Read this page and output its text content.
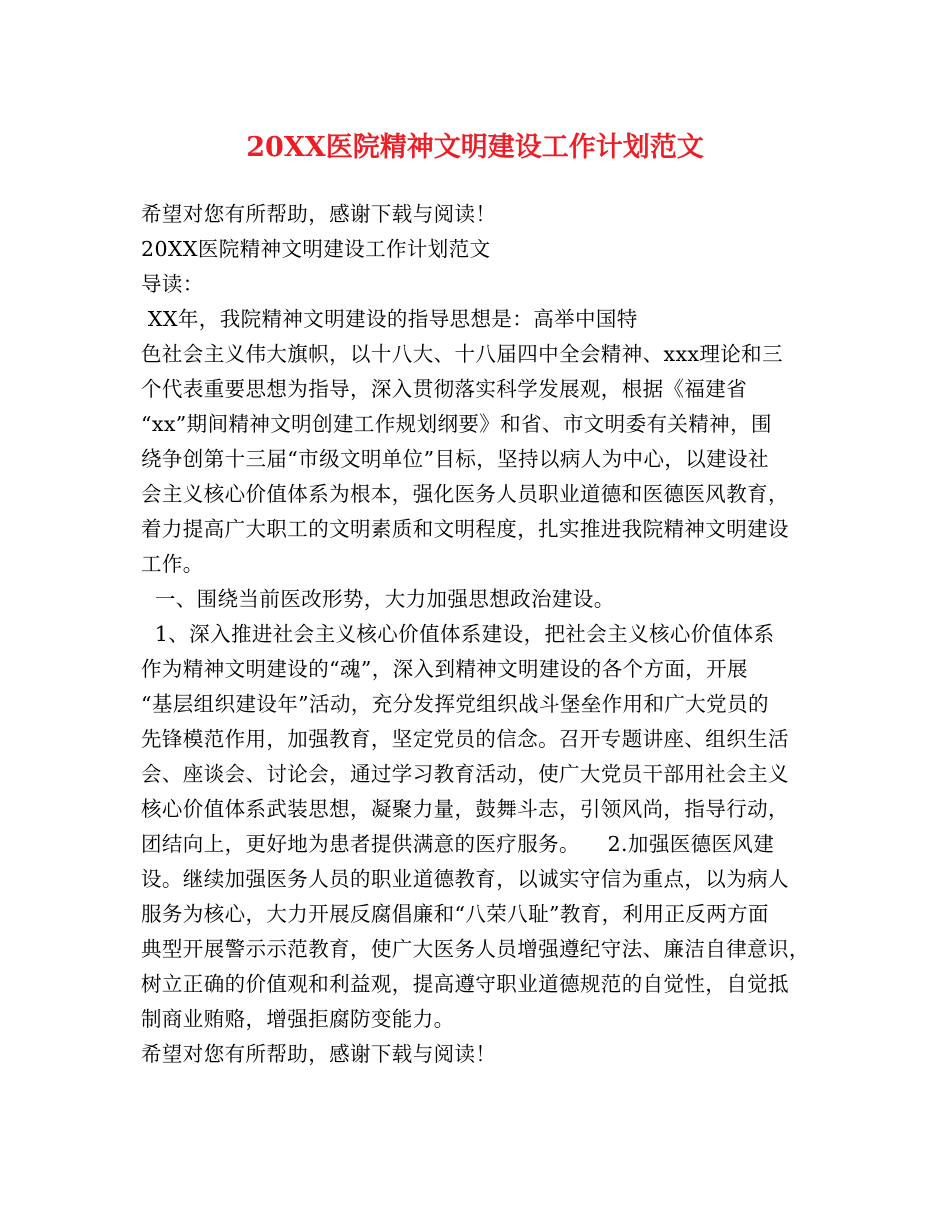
20XX医院精神文明建设工作计划范文
希望对您有所帮助，感谢下载与阅读！
20XX医院精神文明建设工作计划范文
导读：
XX年，我院精神文明建设的指导思想是：高举中国特
色社会主义伟大旗帜，以十八大、十八届四中全会精神、xxx理论和三
个代表重要思想为指导，深入贯彻落实科学发展观，根据《福建省
“xx”期间精神文明创建工作规划纲要》和省、市文明委有关精神，围
绕争创第十三届“市级文明单位”目标，坚持以病人为中心，以建设社
会主义核心价值体系为根本，强化医务人员职业道德和医德医风教育，
着力提高广大职工的文明素质和文明程度，扎实推进我院精神文明建设
工作。
一、围绕当前医改形势，大力加强思想政治建设。
1、深入推进社会主义核心价值体系建设，把社会主义核心价值体系
作为精神文明建设的“魂”，深入到精神文明建设的各个方面，开展
“基层组织建设年”活动，充分发挥党组织战斗堡垒作用和广大党员的
先锋模范作用，加强教育，坚定党员的信念。召开专题讲座、组织生活
会、座谈会、讨论会，通过学习教育活动，使广大党员干部用社会主义
核心价值体系武装思想，凝聚力量，鼓舞斗志，引领风尚，指导行动，
团结向上，更好地为患者提供满意的医疗服务。    2.加强医德医风建
设。继续加强医务人员的职业道德教育，以诚实守信为重点，以为病人
服务为核心，大力开展反腐倡廉和“八荣八耻”教育，利用正反两方面
典型开展警示示范教育，使广大医务人员增强遵纪守法、廉洁自律意识，
树立正确的价值观和利益观，提高遵守职业道德规范的自觉性，自觉抵
制商业贿赂，增强拒腐防变能力。
希望对您有所帮助，感谢下载与阅读！
